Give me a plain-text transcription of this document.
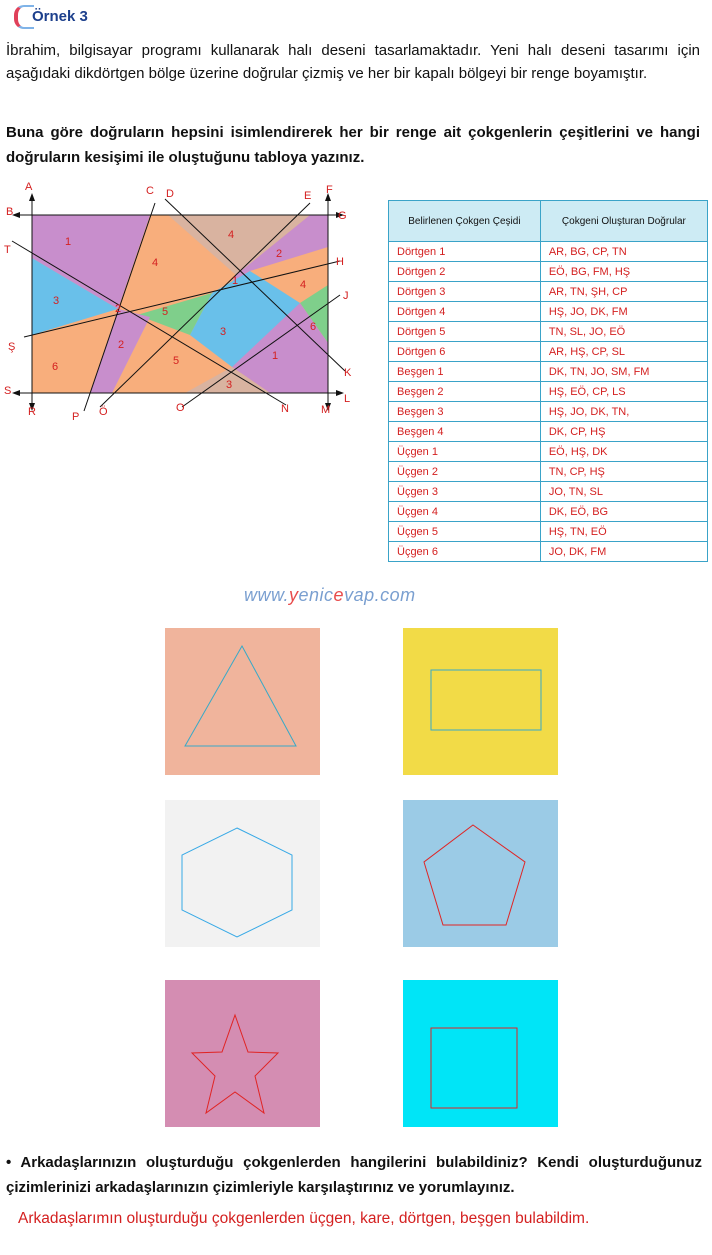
Örnek 3
İbrahim, bilgisayar programı kullanarak halı deseni tasarlamaktadır. Yeni halı deseni tasarımı için aşağıdaki dikdörtgen bölge üzerine doğrular çizmiş ve her bir kapalı bölgeyi bir renge boyamıştır.
Buna göre doğruların hepsini isimlendirerek her bir renge ait çokgenlerin çeşitlerini ve hangi doğruların kesişimi ile oluştuğunu tabloya yazınız.
A
B
T
C D	E F
G
H
J
K
L
M
N
O
Ö
P
R
S
Ş
1
4
4
2
1	4
3
2	5
3	6
6
2
5	1
3
Belirlenen Çokgen Çeşidi	Çokgeni Oluşturan Doğrular
Dörtgen 1	AR, BG, CP, TN
Dörtgen 2	EÖ, BG, FM, HŞ
Dörtgen 3	AR, TN, ŞH, CP
Dörtgen 4	HŞ, JO, DK, FM
Dörtgen 5	TN, SL, JO, EÖ
Dörtgen 6	AR, HŞ, CP, SL
Beşgen 1	DK, TN, JO, SM, FM
Beşgen 2	HŞ, EÖ, CP, LS
Beşgen 3	HŞ, JO, DK, TN,
Beşgen 4	DK, CP, HŞ
Üçgen 1	EÖ, HŞ, DK
Üçgen 2	TN, CP, HŞ
Üçgen 3	JO, TN, SL
Üçgen 4	DK, EÖ, BG
Üçgen 5	HŞ, TN, EÖ
Üçgen 6	JO, DK, FM
www.yenicevap.com
• Arkadaşlarınızın oluşturduğu çokgenlerden hangilerini bulabildiniz? Kendi oluşturduğunuz çizimlerinizi arkadaşlarınızın çizimleriyle karşılaştırınız ve yorumlayınız.
Arkadaşlarımın oluşturduğu çokgenlerden üçgen, kare, dörtgen, beşgen bulabildim.
